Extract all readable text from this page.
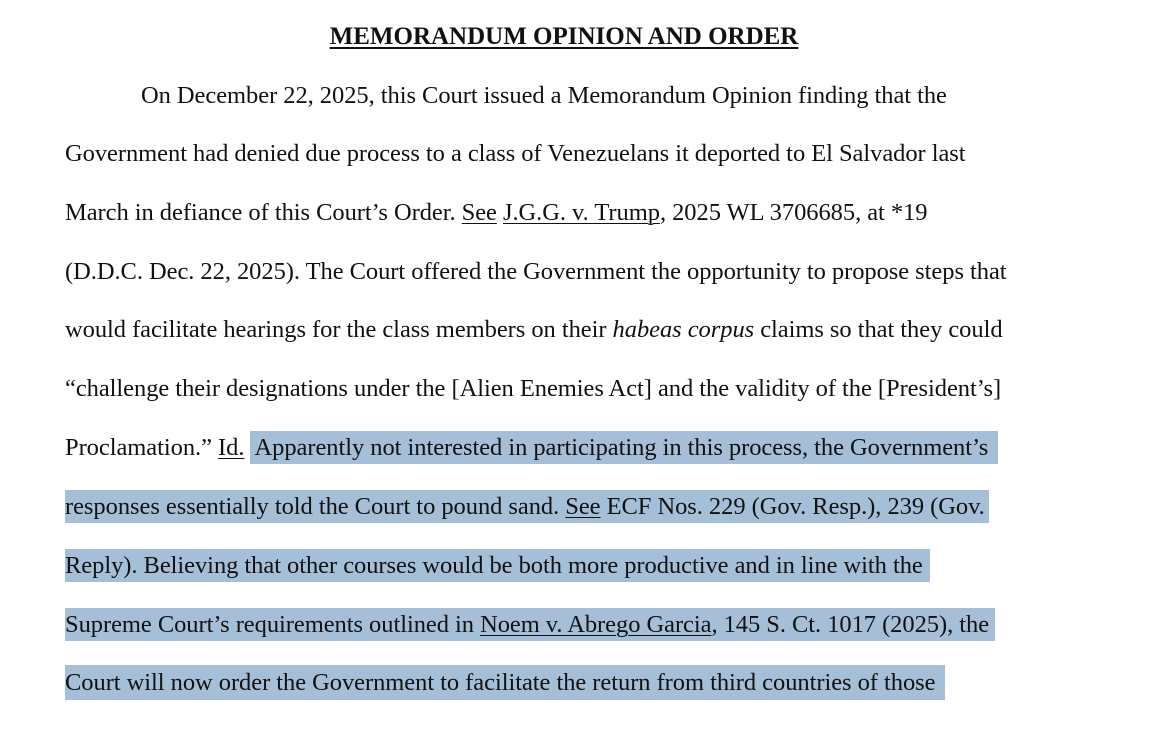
MEMORANDUM OPINION AND ORDER
On December 22, 2025, this Court issued a Memorandum Opinion finding that the
Government had denied due process to a class of Venezuelans it deported to El Salvador last
March in defiance of this Court’s Order. See J.G.G. v. Trump, 2025 WL 3706685, at *19
(D.D.C. Dec. 22, 2025). The Court offered the Government the opportunity to propose steps that
would facilitate hearings for the class members on their habeas corpus claims so that they could
“challenge their designations under the [Alien Enemies Act] and the validity of the [President’s]
Proclamation.” Id. Apparently not interested in participating in this process, the Government’s
responses essentially told the Court to pound sand. See ECF Nos. 229 (Gov. Resp.), 239 (Gov.
Reply). Believing that other courses would be both more productive and in line with the
Supreme Court’s requirements outlined in Noem v. Abrego Garcia, 145 S. Ct. 1017 (2025), the
Court will now order the Government to facilitate the return from third countries of those
